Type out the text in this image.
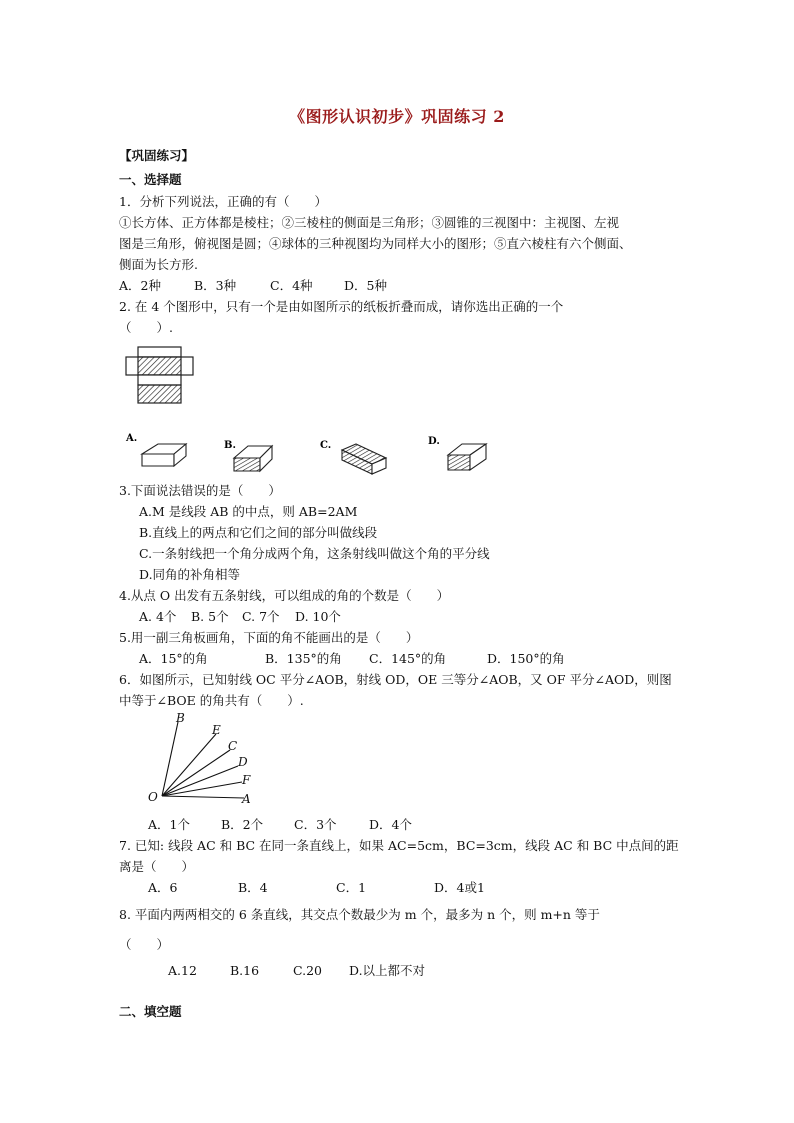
《图形认识初步》巩固练习 2
【巩固练习】
一、选择题
1．分析下列说法，正确的有（　　）
①长方体、正方体都是棱柱；②三棱柱的侧面是三角形；③圆锥的三视图中：主视图、左视
图是三角形，俯视图是圆；④球体的三种视图均为同样大小的图形；⑤直六棱柱有六个侧面、
侧面为长方形.
A．2种	B．3种	C．4种	D．5种
2. 在 4 个图形中，只有一个是由如图所示的纸板折叠而成，请你选出正确的一个
（　　）.
A.
B.	C.	D.
3.下面说法错误的是（　　）
A.M 是线段 AB 的中点，则 AB=2AM
B.直线上的两点和它们之间的部分叫做线段
C.一条射线把一个角分成两个角，这条射线叫做这个角的平分线
D.同角的补角相等
4.从点 O 出发有五条射线，可以组成的角的个数是（　　）
A. 4个 B. 5个 C. 7个 D. 10个
5.用一副三角板画角，下面的角不能画出的是（　　）
A．15°的角	B．135°的角 C．145°的角	D．150°的角
6．如图所示，已知射线 OC 平分∠AOB，射线 OD，OE 三等分∠AOB，又 OF 平分∠AOD，则图
中等于∠BOE 的角共有（　　）.
B
E
C
D
F
A
O
A．1个 B．2个 C．3个	D．4个
7. 已知: 线段 AC 和 BC 在同一条直线上，如果 AC=5cm，BC=3cm，线段 AC 和 BC 中点间的距
离是（　　）
A．6	B．4	C．1	D．4或1
8. 平面内两两相交的 6 条直线，其交点个数最少为 m 个，最多为 n 个，则 m+n 等于
（　　）
A.12	B.16	C.20 D.以上都不对
二、填空题
